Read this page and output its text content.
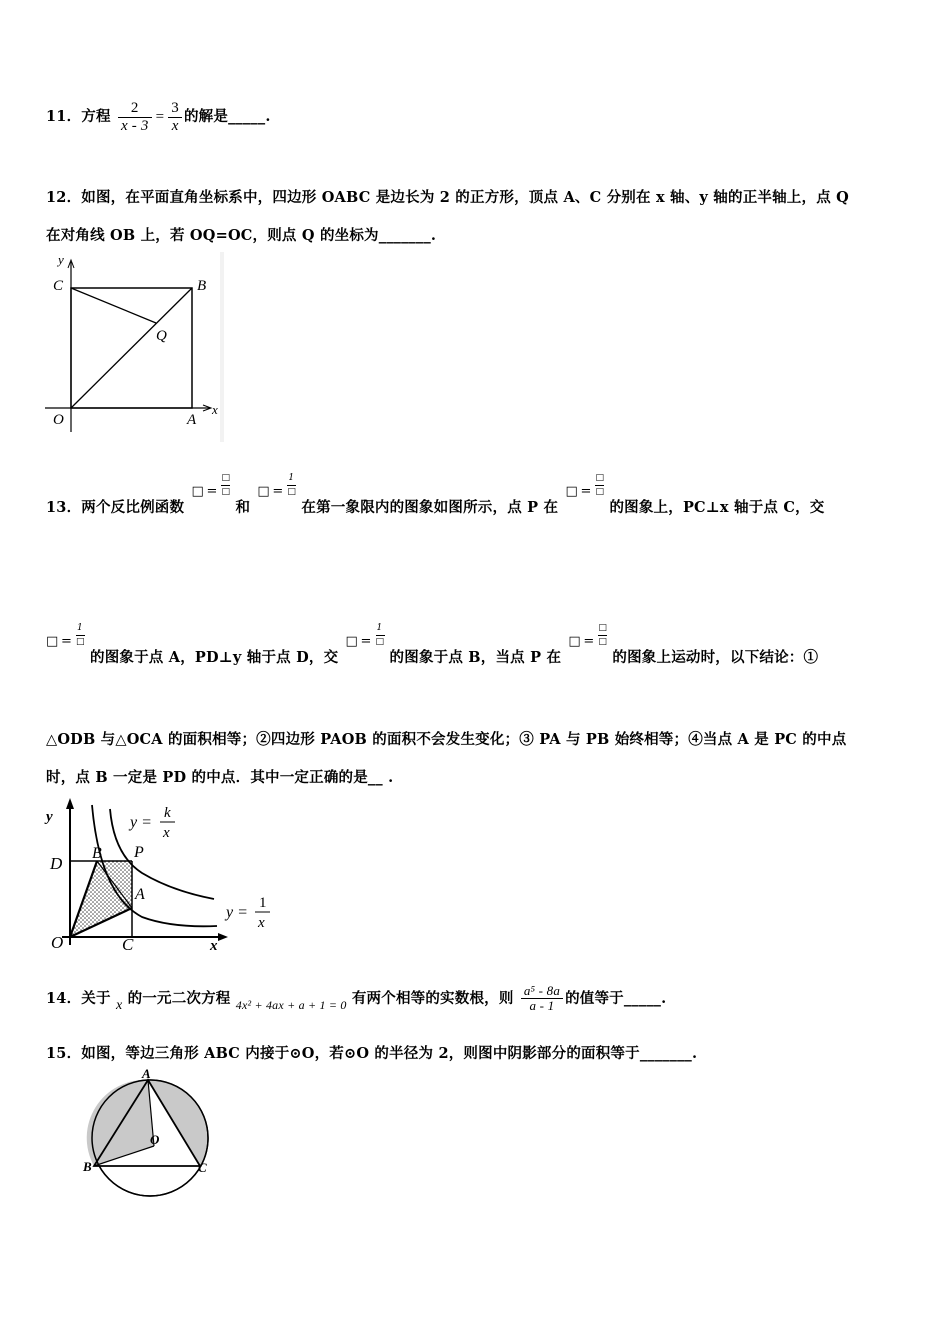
11．方程 $\frac{2}{x - 3} = \frac{3}{x}$ 的解是_____.
12．如图，在平面直角坐标系中，四边形 OABC 是边长为 2 的正方形，顶点 A、C 分别在 x 轴、y 轴的正半轴上，点 Q
在对角线 OB 上，若 OQ=OC，则点 Q 的坐标为_______.
y
C	B
Q
O	A
x
13．两个反比例函数
□ =
□
□
和
□ =
1
□
在第一象限内的图象如图所示，点 P 在
□ =
□
□
的图象上，PC⊥x 轴于点 C，交
□ =
1
□
的图象于点 A，PD⊥y 轴于点 D，交
□ =
1
□
的图象于点 B，当点 P 在
□ =
□
□
的图象上运动时，以下结论：①
△ODB 与△OCA 的面积相等；②四边形 PAOB 的面积不会发生变化；③ PA 与 PB 始终相等；④当点 A 是 PC 的中点
时，点 B 一定是 PD 的中点．其中一定正确的是__ .
y
D
B P
A
O	C	x
y =
k
x
y =
1
x
14．关于 x 的一元二次方程 $_{4x^2 + 4ax + a + 1 = 0}$ 有两个相等的实数根，则 $\frac{\text{a⁵ - 8a}}{a - 1}$ 的值等于_____.
15．如图，等边三角形 ABC 内接于⊙O，若⊙O 的半径为 2，则图中阴影部分的面积等于_______.
A
O
B	C
